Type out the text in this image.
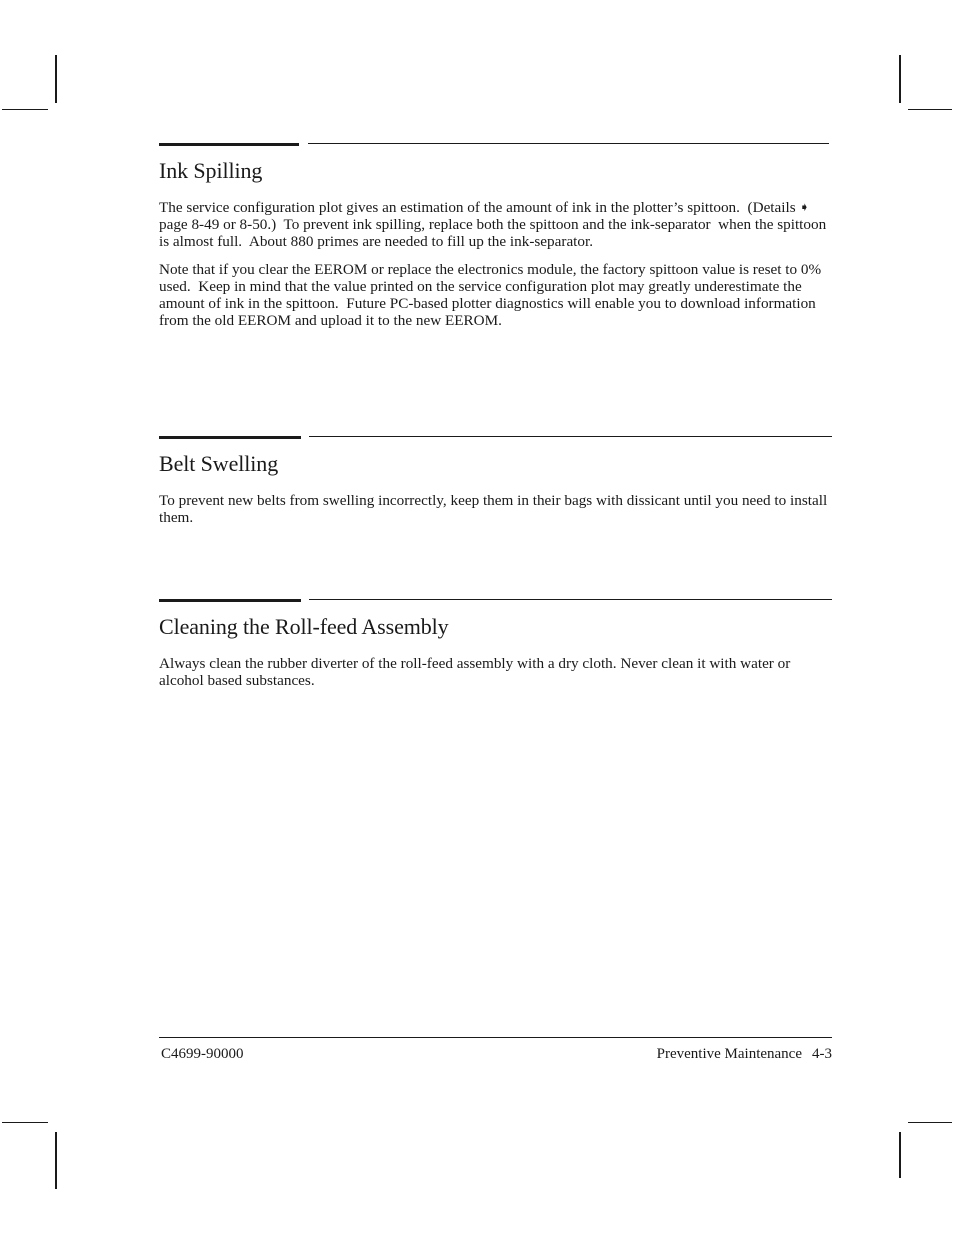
Ink Spilling

The service configuration plot gives an estimation of the amount of ink in the plotter’s spittoon.  (Details ➧ page 8-49 or 8-50.)  To prevent ink spilling, replace both the spittoon and the ink-separator  when the spittoon is almost full.  About 880 primes are needed to fill up the ink-separator.

Note that if you clear the EEROM or replace the electronics module, the factory spittoon value is reset to 0% used.  Keep in mind that the value printed on the service configuration plot may greatly underestimate the amount of ink in the spittoon.  Future PC-based plotter diagnostics will enable you to download information from the old EEROM and upload it to the new EEROM.

Belt Swelling

To prevent new belts from swelling incorrectly, keep them in their bags with dissicant until you need to install them.

Cleaning the Roll-feed Assembly

Always clean the rubber diverter of the roll-feed assembly with a dry cloth. Never clean it with water or alcohol based substances.

C4699-90000	Preventive Maintenance 4-3
